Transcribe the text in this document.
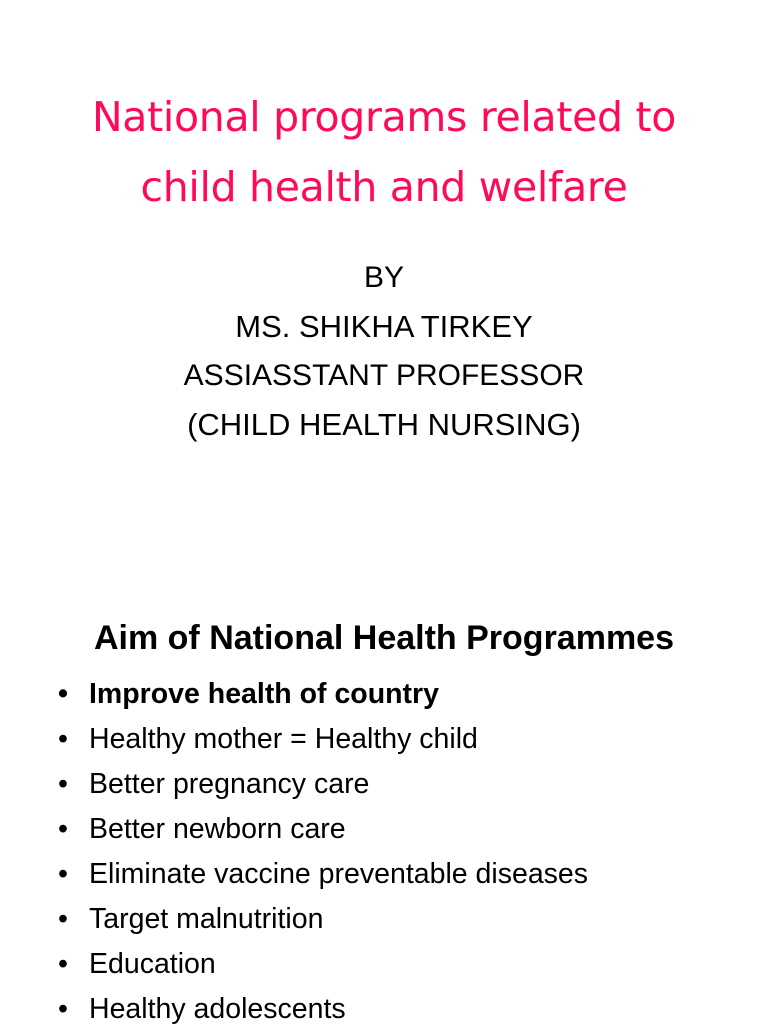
National programs related to
child health and welfare
BY
MS. SHIKHA TIRKEY
ASSIASSTANT PROFESSOR
(CHILD HEALTH NURSING)
Aim of National Health Programmes
• Improve health of country
• Healthy mother = Healthy child
• Better pregnancy care
• Better newborn care
• Eliminate vaccine preventable diseases
• Target malnutrition
• Education
• Healthy adolescents
